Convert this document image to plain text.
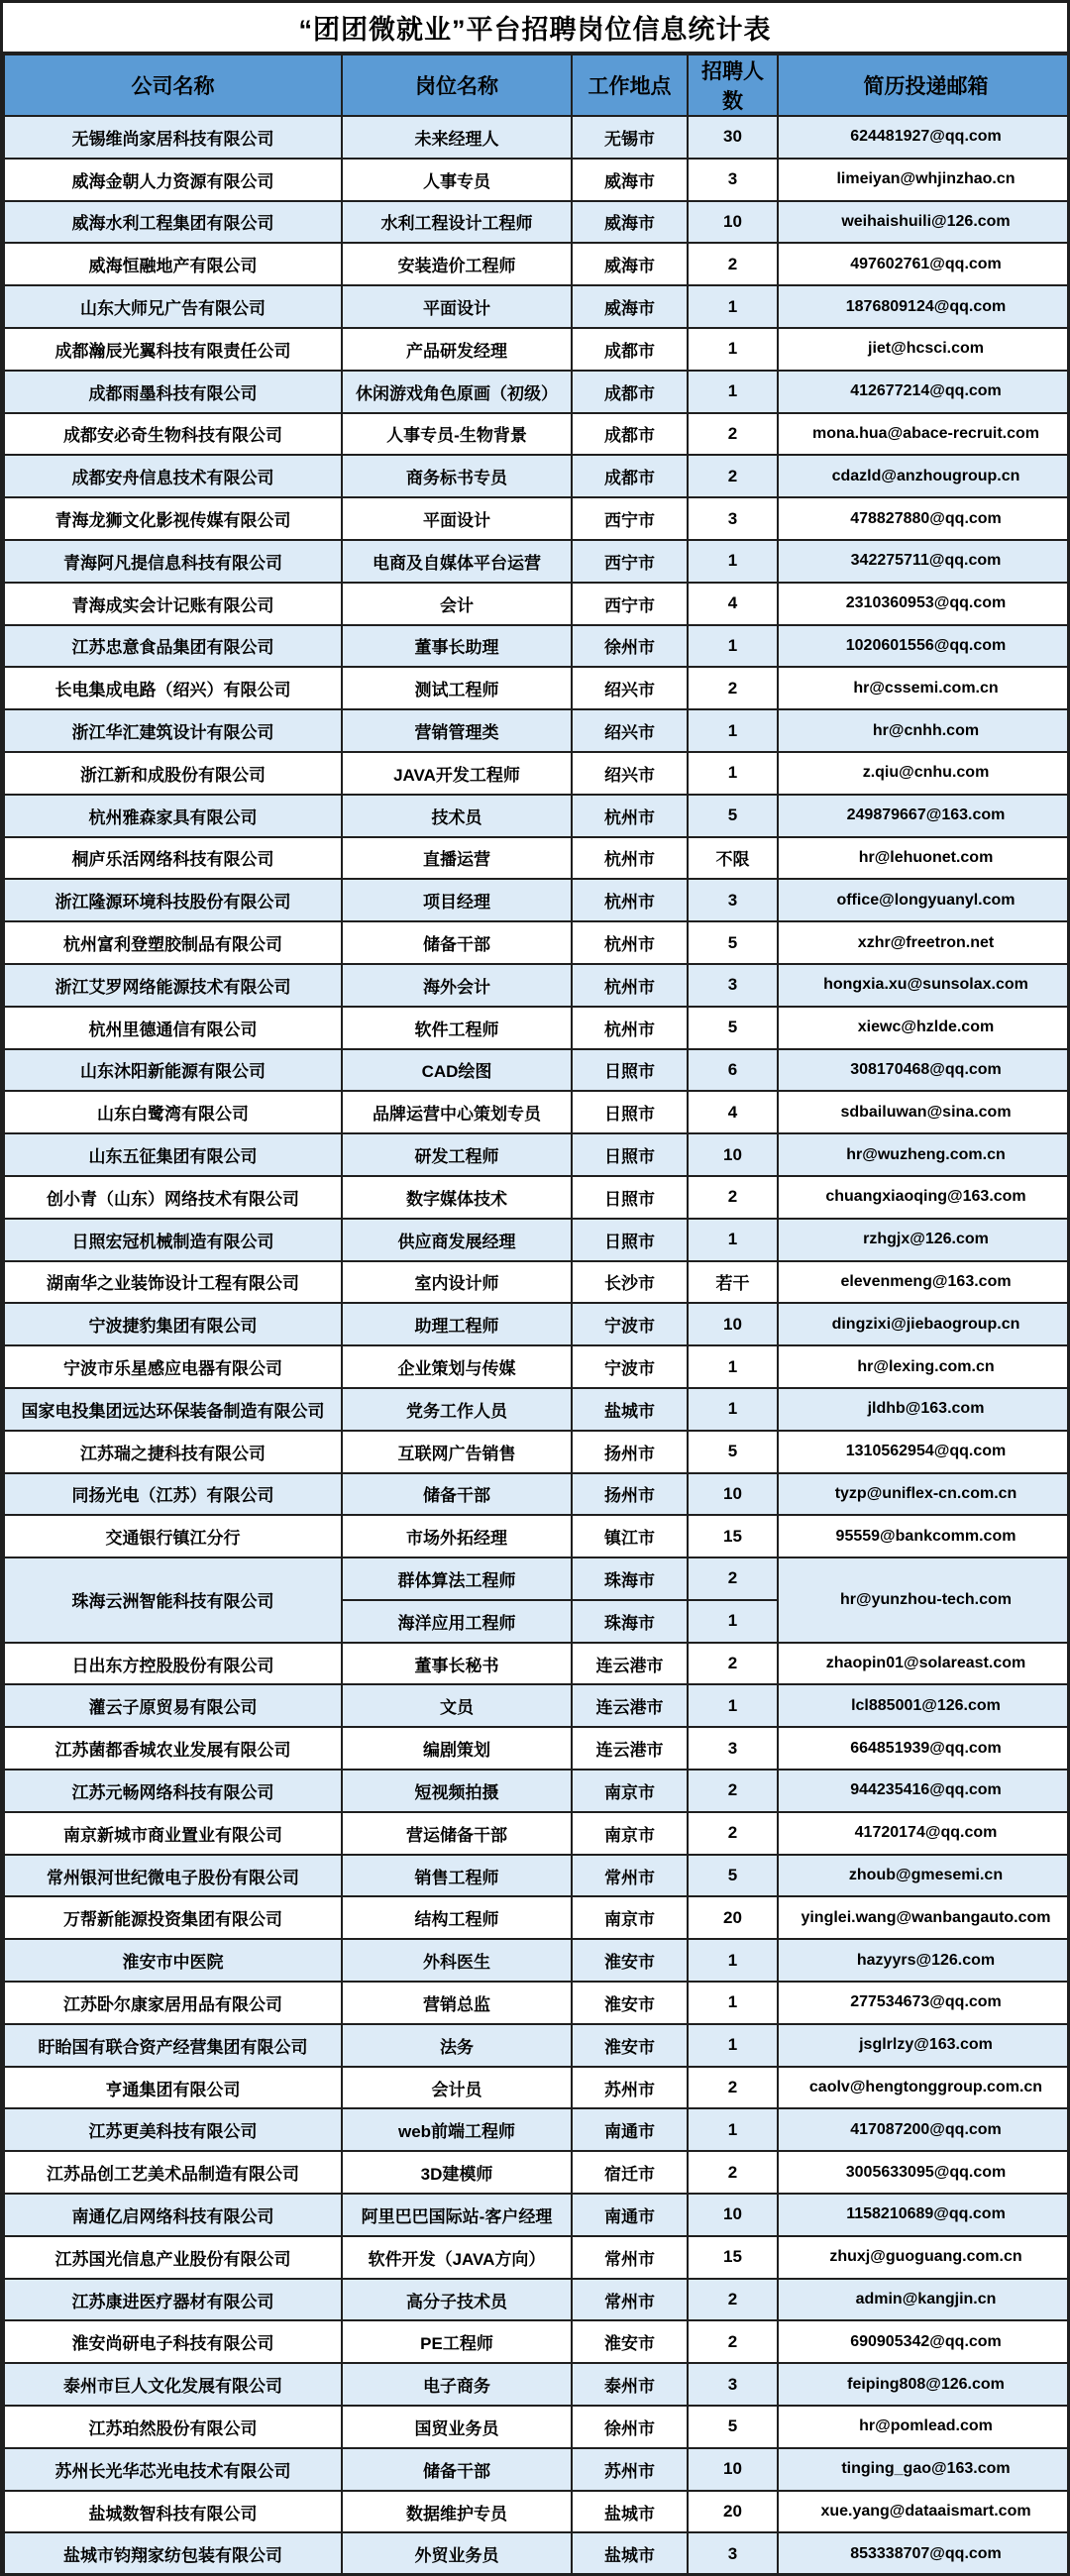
“团团微就业”平台招聘岗位信息统计表
公司名称	岗位名称	工作地点	招聘人数	简历投递邮箱
无锡维尚家居科技有限公司	未来经理人	无锡市	30	624481927@qq.com
威海金朝人力资源有限公司	人事专员	威海市	3	limeiyan@whjinzhao.cn
威海水利工程集团有限公司	水利工程设计工程师	威海市	10	weihaishuili@126.com
威海恒融地产有限公司	安装造价工程师	威海市	2	497602761@qq.com
山东大师兄广告有限公司	平面设计	威海市	1	1876809124@qq.com
成都瀚辰光翼科技有限责任公司	产品研发经理	成都市	1	jiet@hcsci.com
成都雨墨科技有限公司	休闲游戏角色原画（初级）	成都市	1	412677214@qq.com
成都安必奇生物科技有限公司	人事专员-生物背景	成都市	2	mona.hua@abace-recruit.com
成都安舟信息技术有限公司	商务标书专员	成都市	2	cdazld@anzhougroup.cn
青海龙狮文化影视传媒有限公司	平面设计	西宁市	3	478827880@qq.com
青海阿凡提信息科技有限公司	电商及自媒体平台运营	西宁市	1	342275711@qq.com
青海成实会计记账有限公司	会计	西宁市	4	2310360953@qq.com
江苏忠意食品集团有限公司	董事长助理	徐州市	1	1020601556@qq.com
长电集成电路（绍兴）有限公司	测试工程师	绍兴市	2	hr@cssemi.com.cn
浙江华汇建筑设计有限公司	营销管理类	绍兴市	1	hr@cnhh.com
浙江新和成股份有限公司	JAVA开发工程师	绍兴市	1	z.qiu@cnhu.com
杭州雅森家具有限公司	技术员	杭州市	5	249879667@163.com
桐庐乐活网络科技有限公司	直播运营	杭州市	不限	hr@lehuonet.com
浙江隆源环境科技股份有限公司	项目经理	杭州市	3	office@longyuanyl.com
杭州富利登塑胶制品有限公司	储备干部	杭州市	5	xzhr@freetron.net
浙江艾罗网络能源技术有限公司	海外会计	杭州市	3	hongxia.xu@sunsolax.com
杭州里德通信有限公司	软件工程师	杭州市	5	xiewc@hzlde.com
山东沐阳新能源有限公司	CAD绘图	日照市	6	308170468@qq.com
山东白鹭湾有限公司	品牌运营中心策划专员	日照市	4	sdbailuwan@sina.com
山东五征集团有限公司	研发工程师	日照市	10	hr@wuzheng.com.cn
创小青（山东）网络技术有限公司	数字媒体技术	日照市	2	chuangxiaoqing@163.com
日照宏冠机械制造有限公司	供应商发展经理	日照市	1	rzhgjx@126.com
湖南华之业装饰设计工程有限公司	室内设计师	长沙市	若干	elevenmeng@163.com
宁波捷豹集团有限公司	助理工程师	宁波市	10	dingzixi@jiebaogroup.cn
宁波市乐星感应电器有限公司	企业策划与传媒	宁波市	1	hr@lexing.com.cn
国家电投集团远达环保装备制造有限公司	党务工作人员	盐城市	1	jldhb@163.com
江苏瑞之捷科技有限公司	互联网广告销售	扬州市	5	1310562954@qq.com
同扬光电（江苏）有限公司	储备干部	扬州市	10	tyzp@uniflex-cn.com.cn
交通银行镇江分行	市场外拓经理	镇江市	15	95559@bankcomm.com
珠海云洲智能科技有限公司	群体算法工程师	珠海市	2	hr@yunzhou-tech.com
	海洋应用工程师	珠海市	1	
日出东方控股股份有限公司	董事长秘书	连云港市	2	zhaopin01@solareast.com
灌云子原贸易有限公司	文员	连云港市	1	lcl885001@126.com
江苏菌都香城农业发展有限公司	编剧策划	连云港市	3	664851939@qq.com
江苏元畅网络科技有限公司	短视频拍摄	南京市	2	944235416@qq.com
南京新城市商业置业有限公司	营运储备干部	南京市	2	41720174@qq.com
常州银河世纪微电子股份有限公司	销售工程师	常州市	5	zhoub@gmesemi.cn
万帮新能源投资集团有限公司	结构工程师	南京市	20	yinglei.wang@wanbangauto.com
淮安市中医院	外科医生	淮安市	1	hazyyrs@126.com
江苏卧尔康家居用品有限公司	营销总监	淮安市	1	277534673@qq.com
盱眙国有联合资产经营集团有限公司	法务	淮安市	1	jsglrlzy@163.com
亨通集团有限公司	会计员	苏州市	2	caolv@hengtonggroup.com.cn
江苏更美科技有限公司	web前端工程师	南通市	1	417087200@qq.com
江苏品创工艺美术品制造有限公司	3D建模师	宿迁市	2	3005633095@qq.com
南通亿启网络科技有限公司	阿里巴巴国际站-客户经理	南通市	10	1158210689@qq.com
江苏国光信息产业股份有限公司	软件开发（JAVA方向）	常州市	15	zhuxj@guoguang.com.cn
江苏康进医疗器材有限公司	高分子技术员	常州市	2	admin@kangjin.cn
淮安尚研电子科技有限公司	PE工程师	淮安市	2	690905342@qq.com
泰州市巨人文化发展有限公司	电子商务	泰州市	3	feiping808@126.com
江苏珀然股份有限公司	国贸业务员	徐州市	5	hr@pomlead.com
苏州长光华芯光电技术有限公司	储备干部	苏州市	10	tinging_gao@163.com
盐城数智科技有限公司	数据维护专员	盐城市	20	xue.yang@dataaismart.com
盐城市钧翔家纺包装有限公司	外贸业务员	盐城市	3	853338707@qq.com
